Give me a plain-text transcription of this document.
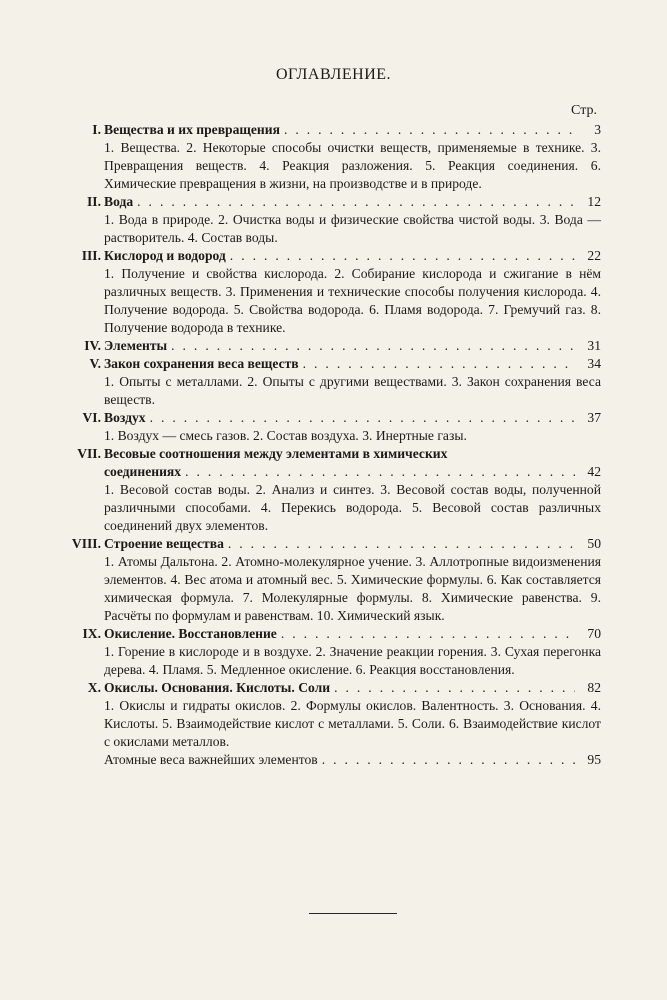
ОГЛАВЛЕНИЕ.
Стр.
I. Вещества и их превращения . . .	3
1. Вещества. 2. Некоторые способы очистки веществ, применяемые в технике. 3. Превращения веществ. 4. Реакция разложения. 5. Реакция соединения. 6. Химические превращения в жизни, на производстве и в природе.
II. Вода . . .	12
1. Вода в природе. 2. Очистка воды и физические свойства чистой воды. 3. Вода — растворитель. 4. Состав воды.
III. Кислород и водород . . .	22
1. Получение и свойства кислорода. 2. Собирание кислорода и сжигание в нём различных веществ. 3. Применения и технические способы получения кислорода. 4. Получение водорода. 5. Свойства водорода. 6. Пламя водорода. 7. Гремучий газ. 8. Получение водорода в технике.
IV. Элементы . . .	31
V. Закон сохранения веса веществ . . .	34
1. Опыты с металлами. 2. Опыты с другими веществами. 3. Закон сохранения веса веществ.
VI. Воздух . . .	37
1. Воздух — смесь газов. 2. Состав воздуха. 3. Инертные газы.
VII. Весовые соотношения между элементами в химических
соединениях . . .	42
1. Весовой состав воды. 2. Анализ и синтез. 3. Весовой состав воды, полученной различными способами. 4. Перекись водорода. 5. Весовой состав различных соединений двух элементов.
VIII. Строение вещества . . .	50
1. Атомы Дальтона. 2. Атомно-молекулярное учение. 3. Аллотропные видоизменения элементов. 4. Вес атома и атомный вес. 5. Химические формулы. 6. Как составляется химическая формула. 7. Молекулярные формулы. 8. Химические равенства. 9. Расчёты по формулам и равенствам. 10. Химический язык.
IX. Окисление. Восстановление . . .	70
1. Горение в кислороде и в воздухе. 2. Значение реакции горения. 3. Сухая перегонка дерева. 4. Пламя. 5. Медленное окисление. 6. Реакция восстановления.
X. Окислы. Основания. Кислоты. Соли . . .	82
1. Окислы и гидраты окислов. 2. Формулы окислов. Валентность. 3. Основания. 4. Кислоты. 5. Взаимодействие кислот с металлами. 5. Соли. 6. Взаимодействие кислот с окислами металлов.
Атомные веса важнейших элементов . . .	95
